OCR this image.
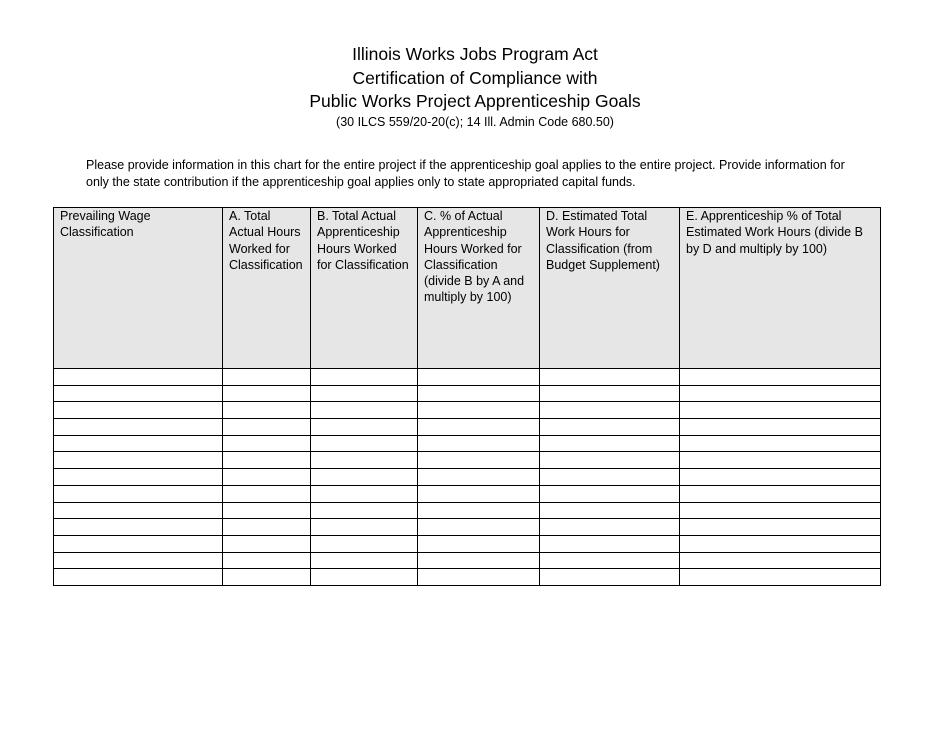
Illinois Works Jobs Program Act
Certification of Compliance with
Public Works Project Apprenticeship Goals
(30 ILCS 559/20-20(c); 14 Ill. Admin Code 680.50)

Please provide information in this chart for the entire project if the apprenticeship goal applies to the entire project. Provide information for

only the state contribution if the apprenticeship goal applies only to state appropriated capital funds.

Prevailing Wage Classification	A. Total Actual Hours Worked for Classification	B. Total Actual Apprenticeship Hours Worked for Classification	C. % of Actual Apprenticeship Hours Worked for Classification (divide B by A and multiply by 100)	D. Estimated Total Work Hours for Classification (from Budget Supplement)	E. Apprenticeship % of Total Estimated Work Hours (divide B by D and multiply by 100)
